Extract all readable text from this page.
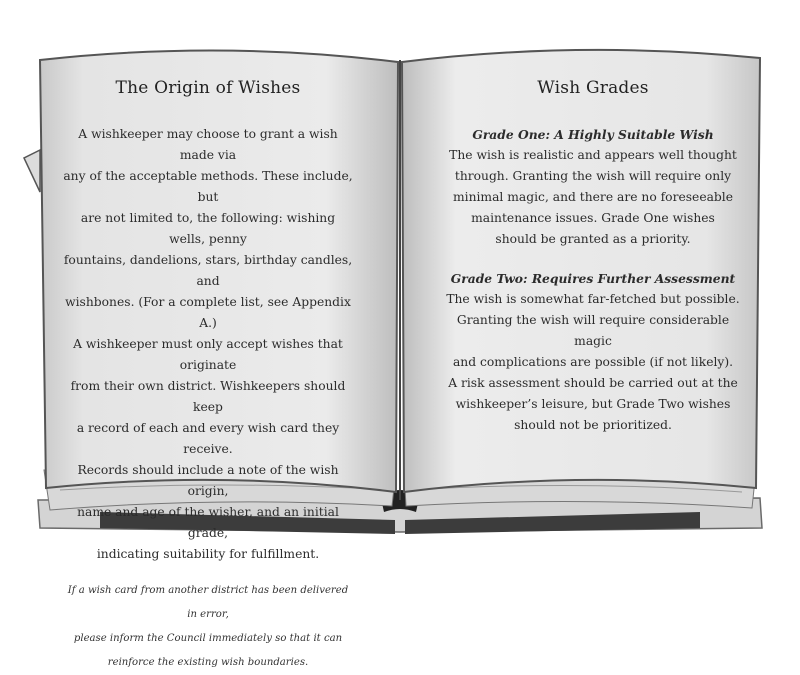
The Origin of Wishes

A wishkeeper may choose to grant a wish made via
any of the acceptable methods. These include, but
are not limited to, the following: wishing wells, penny
fountains, dandelions, stars, birthday candles, and
wishbones. (For a complete list, see Appendix A.)
A wishkeeper must only accept wishes that originate
from their own district. Wishkeepers should keep
a record of each and every wish card they receive.
Records should include a note of the wish origin,
name and age of the wisher, and an initial grade,
indicating suitability for fulfillment.

If a wish card from another district has been delivered in error,
please inform the Council immediately so that it can
reinforce the existing wish boundaries.

Wish Grades

Grade One: A Highly Suitable Wish

The wish is realistic and appears well thought
through. Granting the wish will require only
minimal magic, and there are no foreseeable
maintenance issues. Grade One wishes
should be granted as a priority.

Grade Two: Requires Further Assessment

The wish is somewhat far-fetched but possible.
Granting the wish will require considerable magic
and complications are possible (if not likely).
A risk assessment should be carried out at the
wishkeeper’s leisure, but Grade Two wishes
should not be prioritized.
